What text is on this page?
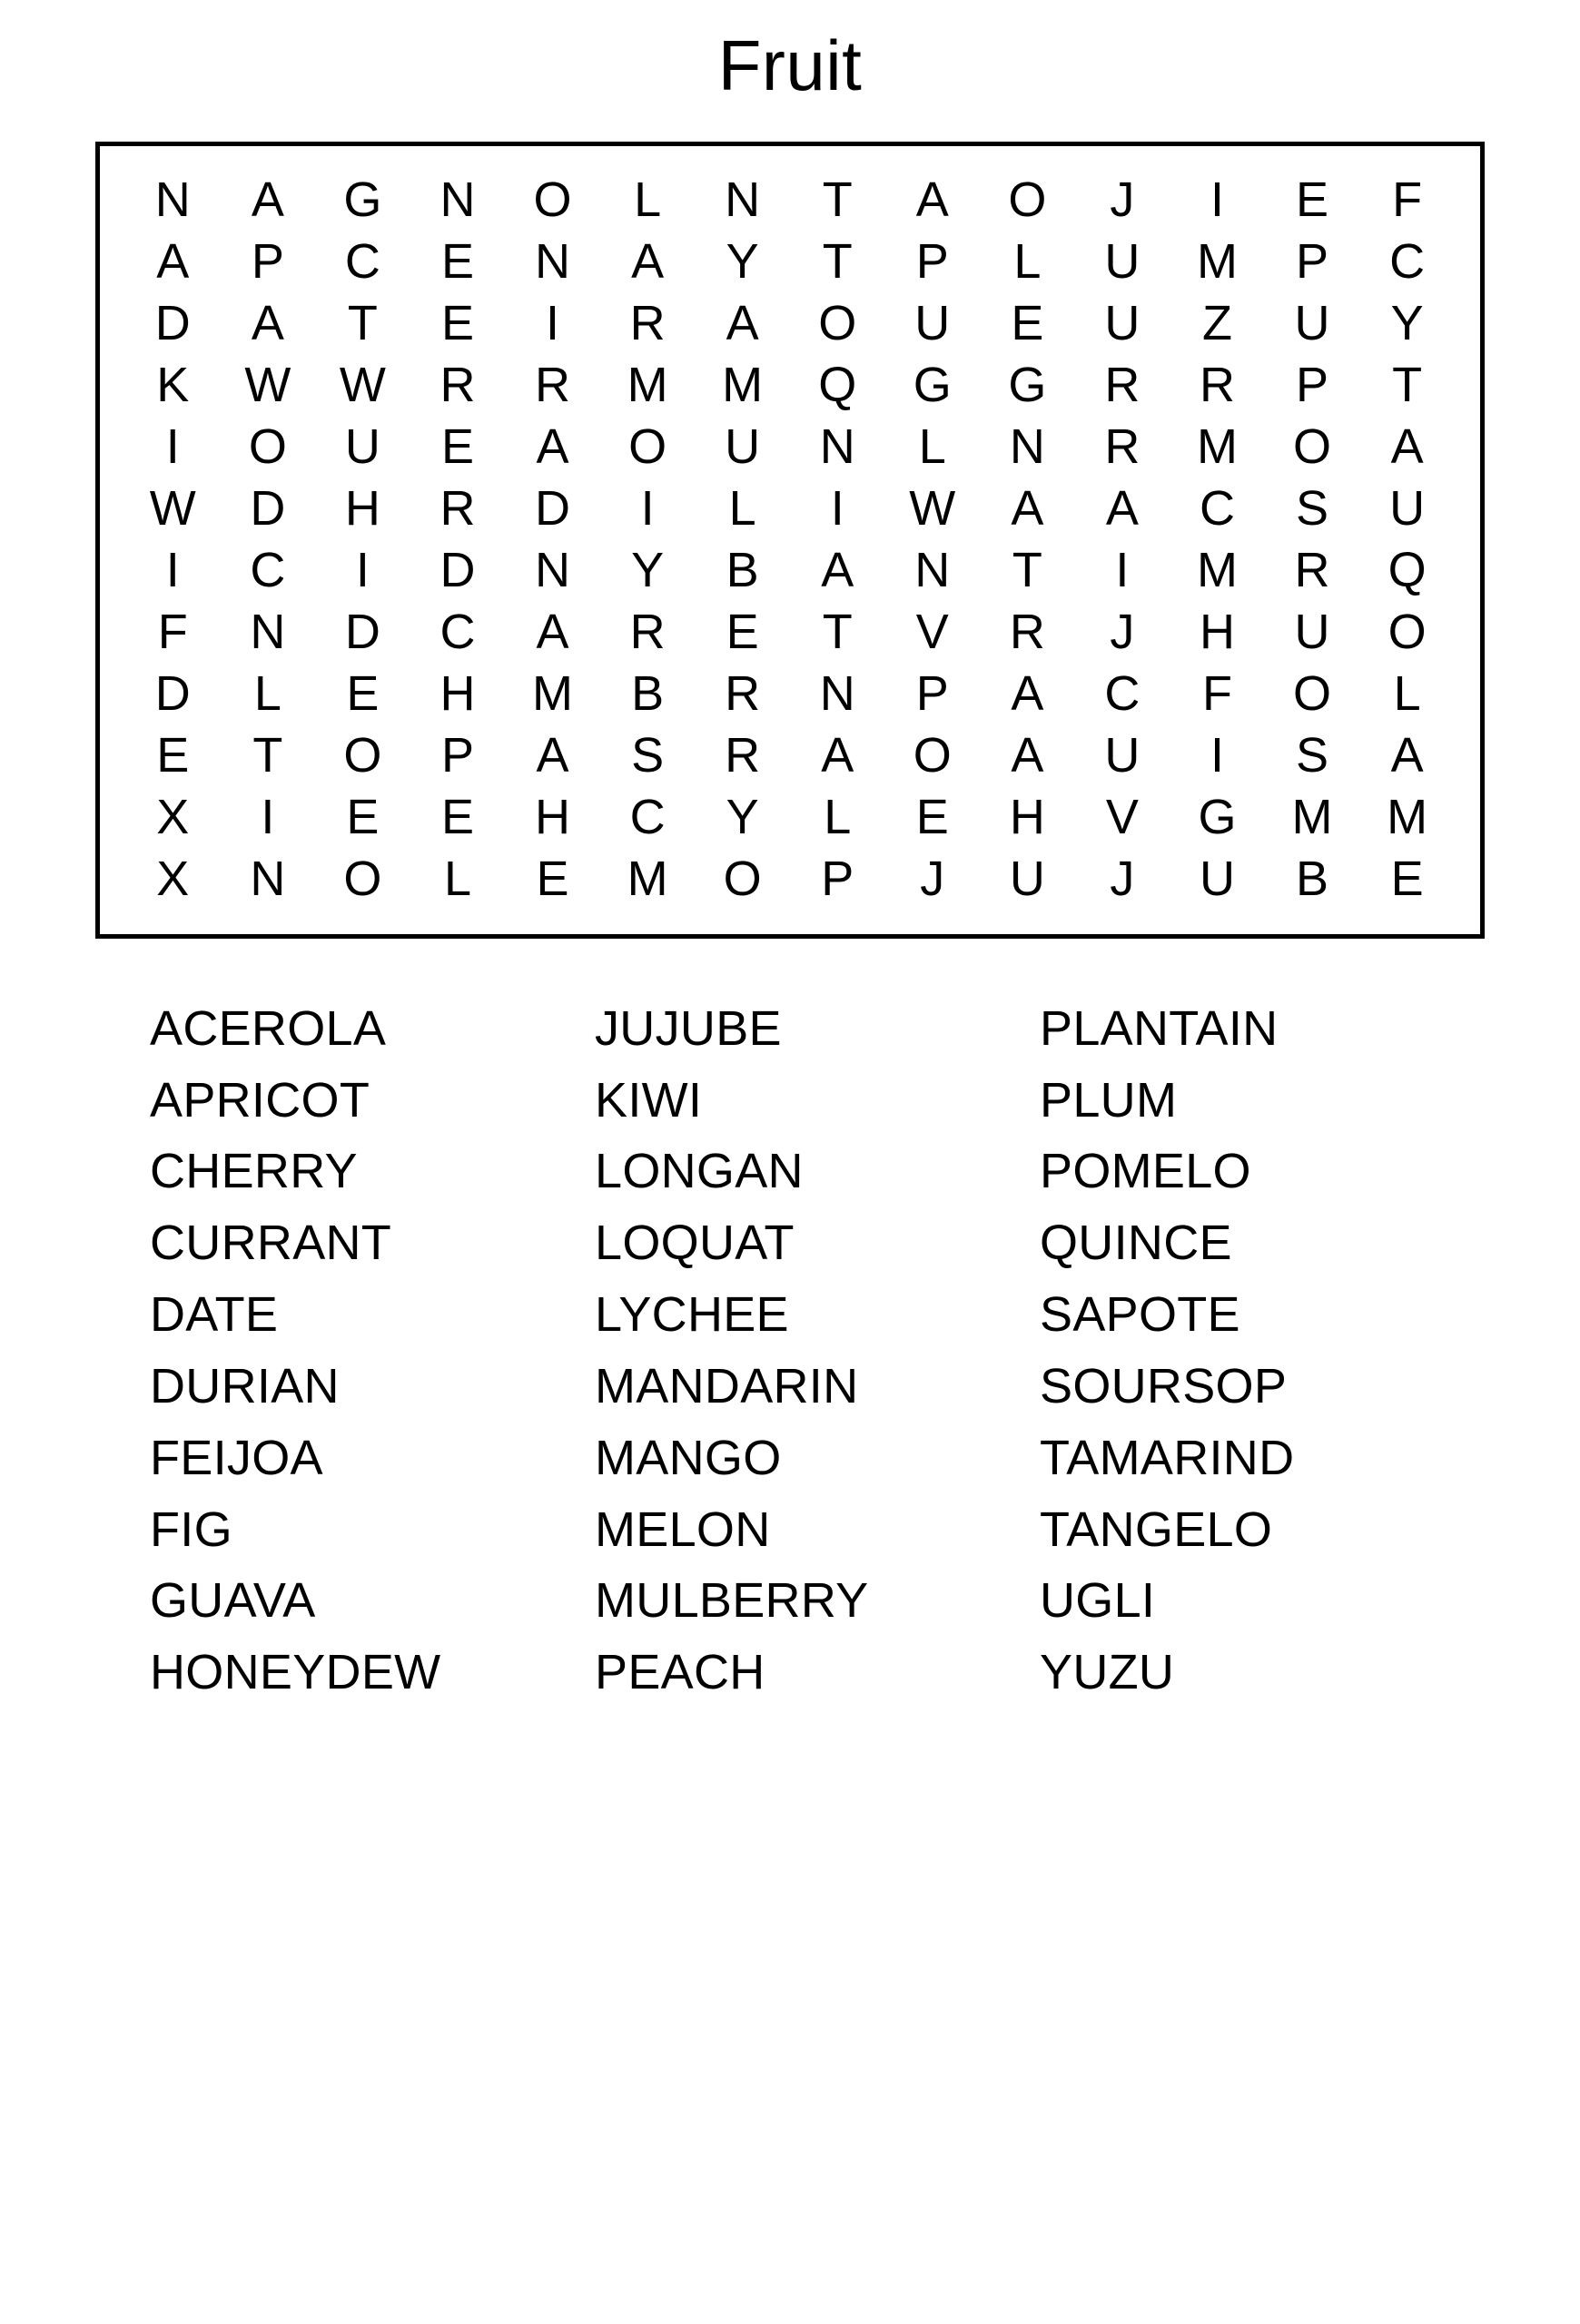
Fruit
N	A	G	N	O	L	N	T	A	O	J	I	E	F
A	P	C	E	N	A	Y	T	P	L	U	M	P	C
D	A	T	E	I	R	A	O	U	E	U	Z	U	Y
K	W	W	R	R	M	M	Q	G	G	R	R	P	T
I	O	U	E	A	O	U	N	L	N	R	M	O	A
W	D	H	R	D	I	L	I	W	A	A	C	S	U
I	C	I	D	N	Y	B	A	N	T	I	M	R	Q
F	N	D	C	A	R	E	T	V	R	J	H	U	O
D	L	E	H	M	B	R	N	P	A	C	F	O	L
E	T	O	P	A	S	R	A	O	A	U	I	S	A
X	I	E	E	H	C	Y	L	E	H	V	G	M	M
X	N	O	L	E	M	O	P	J	U	J	U	B	E
ACEROLA
APRICOT
CHERRY
CURRANT
DATE
DURIAN
FEIJOA
FIG
GUAVA
HONEYDEW
JUJUBE
KIWI
LONGAN
LOQUAT
LYCHEE
MANDARIN
MANGO
MELON
MULBERRY
PEACH
PLANTAIN
PLUM
POMELO
QUINCE
SAPOTE
SOURSOP
TAMARIND
TANGELO
UGLI
YUZU
